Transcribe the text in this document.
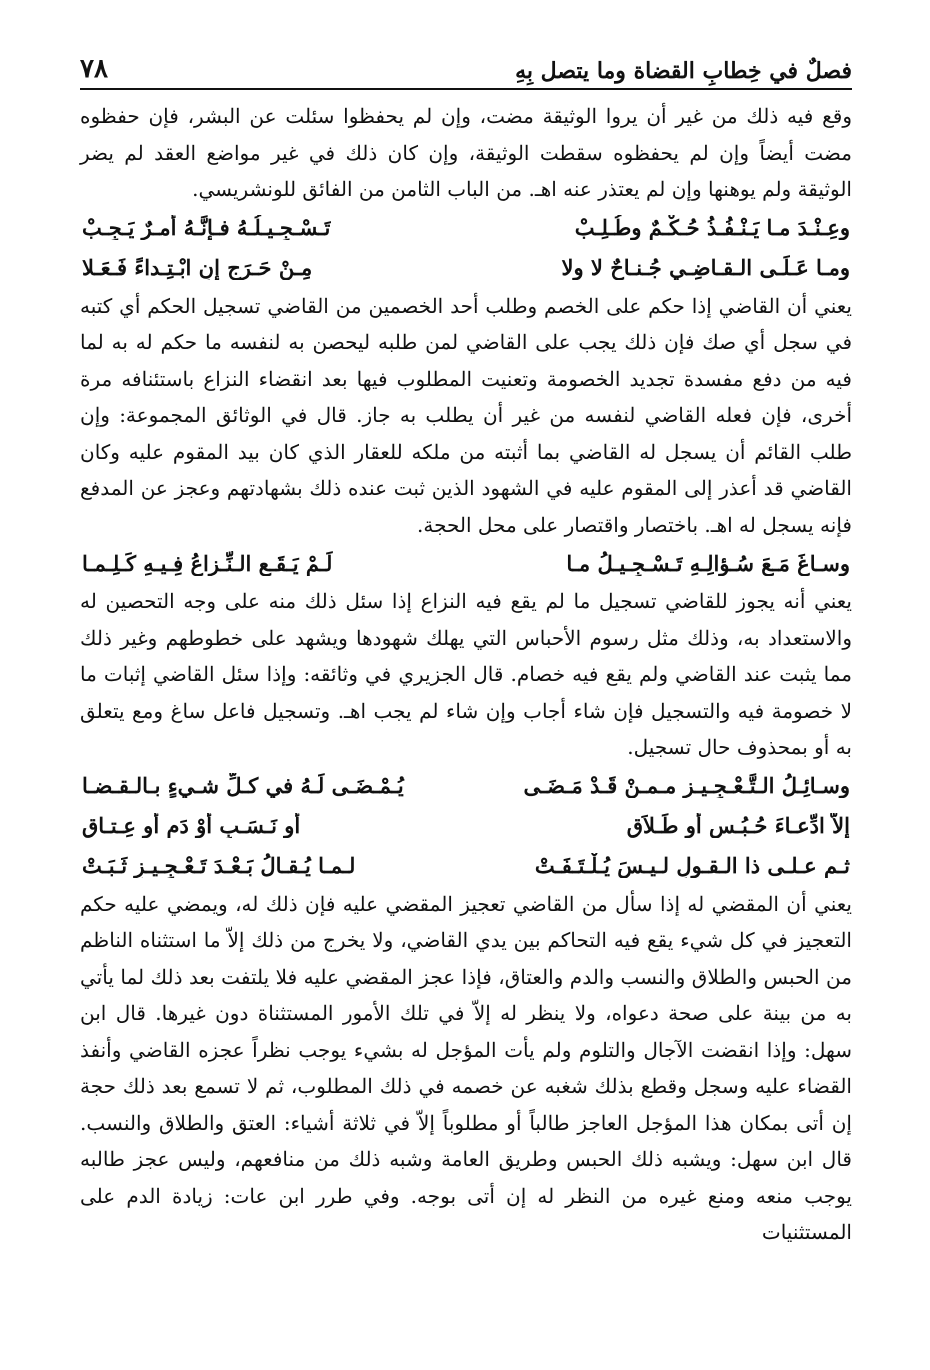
فصلٌ في خِطابِ القضاة وما يتصل بِهِ
٧٨

وقع فيه ذلك من غير أن يروا الوثيقة مضت، وإن لم يحفظوا سئلت عن البشر، فإن حفظوه مضت أيضاً وإن لم يحفظوه سقطت الوثيقة، وإن كان ذلك في غير مواضع العقد لم يضر الوثيقة ولم يوهنها وإن لم يعتذر عنه اهـ. من الباب الثامن من الفائق للونشريسي.

وعِـنْـدَ مـا يَـنْـفُـذُ حُـكْـمٌ وطُـلِـبْ
تَـسْـجِـيـلُـهُ فـإنَّـهُ أمـرٌ يَـجِـبْ
ومـا عَـلَـى الـقـاضِـي جُـنـاحٌ لا ولا
مِـنْ حَـرَجٍ إنِ ابْـتِـداءً فَـعَـلا

يعني أن القاضي إذا حكم على الخصم وطلب أحد الخصمين من القاضي تسجيل الحكم أي كتبه في سجل أي صك فإن ذلك يجب على القاضي لمن طلبه ليحصن به لنفسه ما حكم له به لما فيه من دفع مفسدة تجديد الخصومة وتعنيت المطلوب فيها بعد انقضاء النزاع باستئنافه مرة أخرى، فإن فعله القاضي لنفسه من غير أن يطلب به جاز. قال في الوثائق المجموعة: وإن طلب القائم أن يسجل له القاضي بما أثبته من ملكه للعقار الذي كان بيد المقوم عليه وكان القاضي قد أعذر إلى المقوم عليه في الشهود الذين ثبت عنده ذلك بشهادتهم وعجز عن المدفع فإنه يسجل له اهـ. باختصار واقتصار على محل الحجة.

وسـاغَ مَـعَ سُـؤالِـهِ تَـسْـجِـيـلُ مـا
لَـمْ يَـقَـعِ الـنِّـزاعُ فِـيـهِ كَـلِـمـا

يعني أنه يجوز للقاضي تسجيل ما لم يقع فيه النزاع إذا سئل ذلك منه على وجه التحصين له والاستعداد به، وذلك مثل رسوم الأحباس التي يهلك شهودها ويشهد على خطوطهم وغير ذلك مما يثبت عند القاضي ولم يقع فيه خصام. قال الجزيري في وثائقه: وإذا سئل القاضي إثبات ما لا خصومة فيه والتسجيل فإن شاء أجاب وإن شاء لم يجب اهـ. وتسجيل فاعل ساغ ومع يتعلق به أو بمحذوف حال تسجيل.

وسـائِـلُ الـتَّـعْـجِـيـزِ مـمـنْ قَـدْ مَـضَـى
يُـمْـضَـى لَـهُ في كـلِّ شـيءٍ بـالـقـضـا
إلاّ ادِّعـاءَ حُـبُـسٍ أو طَـلاَقِ
أو نَـسَـبٍ أوْ دَمٍ أو عِـتـاقِ
ثـم عـلـى ذا الـقـولِ لـيـسَ يُـلْـتَـفَـتْ
لـمـا يُـقـالُ بَـعْـدَ تَـعْـجِـيـزٍ ثَـبَـتْ

يعني أن المقضي له إذا سأل من القاضي تعجيز المقضي عليه فإن ذلك له، ويمضي عليه حكم التعجيز في كل شيء يقع فيه التحاكم بين يدي القاضي، ولا يخرج من ذلك إلاّ ما استثناه الناظم من الحبس والطلاق والنسب والدم والعتاق، فإذا عجز المقضي عليه فلا يلتفت بعد ذلك لما يأتي به من بينة على صحة دعواه، ولا ينظر له إلاّ في تلك الأمور المستثناة دون غيرها. قال ابن سهل: وإذا انقضت الآجال والتلوم ولم يأت المؤجل له بشيء يوجب نظراً عجزه القاضي وأنفذ القضاء عليه وسجل وقطع بذلك شغبه عن خصمه في ذلك المطلوب، ثم لا تسمع بعد ذلك حجة إن أتى بمكان هذا المؤجل العاجز طالباً أو مطلوباً إلاّ في ثلاثة أشياء: العتق والطلاق والنسب. قال ابن سهل: ويشبه ذلك الحبس وطريق العامة وشبه ذلك من منافعهم، وليس عجز طالبه يوجب منعه ومنع غيره من النظر له إن أتى بوجه. وفي طرر ابن عات: زيادة الدم على المستثنيات
